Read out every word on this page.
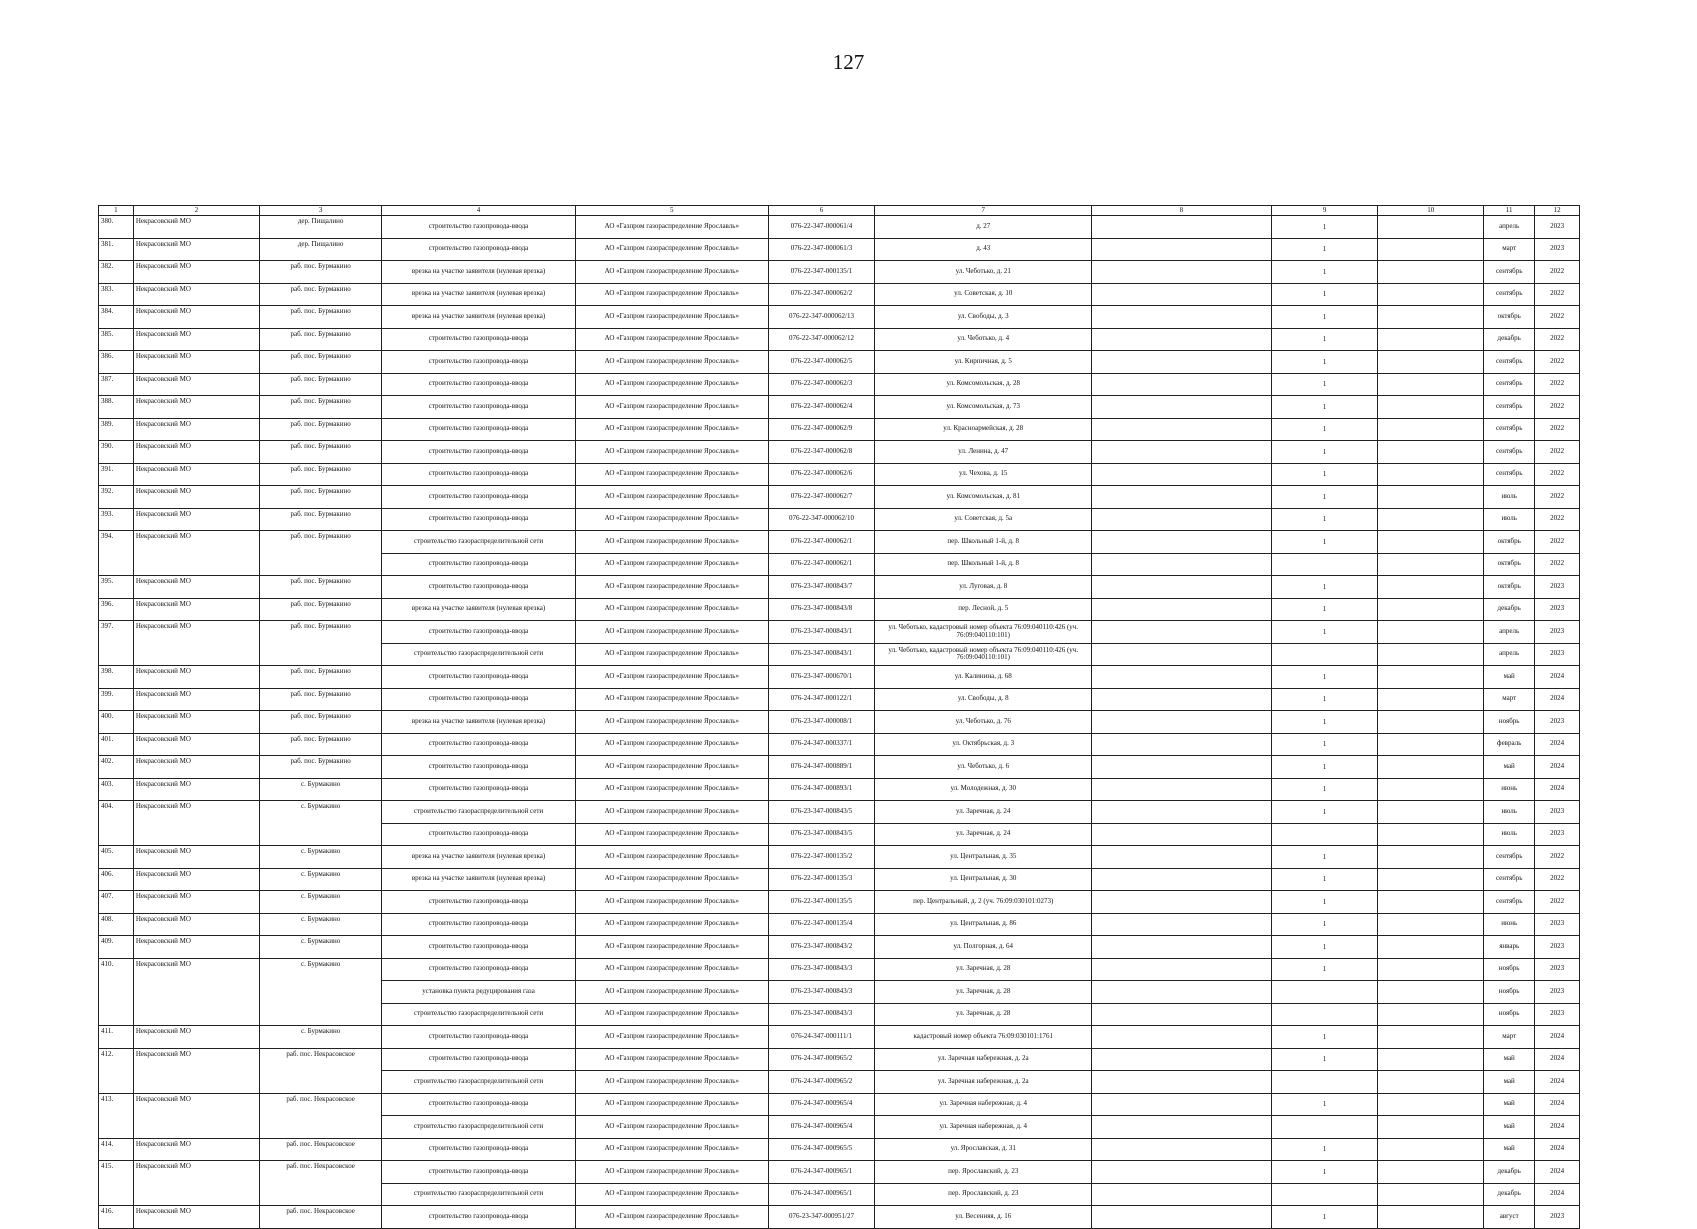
127
1	2	3	4	5	6	7	8	9	10	11	12
380.	Некрасовский МО	дер. Пищалино	строительство газопровода-ввода	АО «Газпром газораспределение Ярославль»	076-22-347-000061/4	д. 27		1		апрель	2023
381.	Некрасовский МО	дер. Пищалино	строительство газопровода-ввода	АО «Газпром газораспределение Ярославль»	076-22-347-000061/3	д. 43		1		март	2023
382.	Некрасовский МО	раб. пос. Бурмакино	врезка на участке заявителя (нулевая врезка)	АО «Газпром газораспределение Ярославль»	076-22-347-000135/1	ул. Чеботько, д. 21		1		сентябрь	2022
383.	Некрасовский МО	раб. пос. Бурмакино	врезка на участке заявителя (нулевая врезка)	АО «Газпром газораспределение Ярославль»	076-22-347-000062/2	ул. Советская, д. 10		1		сентябрь	2022
384.	Некрасовский МО	раб. пос. Бурмакино	врезка на участке заявителя (нулевая врезка)	АО «Газпром газораспределение Ярославль»	076-22-347-000062/13	ул. Свободы, д. 3		1		октябрь	2022
385.	Некрасовский МО	раб. пос. Бурмакино	строительство газопровода-ввода	АО «Газпром газораспределение Ярославль»	076-22-347-000062/12	ул. Чеботько, д. 4		1		декабрь	2022
386.	Некрасовский МО	раб. пос. Бурмакино	строительство газопровода-ввода	АО «Газпром газораспределение Ярославль»	076-22-347-000062/5	ул. Кирпичная, д. 5		1		сентябрь	2022
387.	Некрасовский МО	раб. пос. Бурмакино	строительство газопровода-ввода	АО «Газпром газораспределение Ярославль»	076-22-347-000062/3	ул. Комсомольская, д. 28		1		сентябрь	2022
388.	Некрасовский МО	раб. пос. Бурмакино	строительство газопровода-ввода	АО «Газпром газораспределение Ярославль»	076-22-347-000062/4	ул. Комсомольская, д. 73		1		сентябрь	2022
389.	Некрасовский МО	раб. пос. Бурмакино	строительство газопровода-ввода	АО «Газпром газораспределение Ярославль»	076-22-347-000062/9	ул. Красноармейская, д. 28		1		сентябрь	2022
390.	Некрасовский МО	раб. пос. Бурмакино	строительство газопровода-ввода	АО «Газпром газораспределение Ярославль»	076-22-347-000062/8	ул. Ленина, д. 47		1		сентябрь	2022
391.	Некрасовский МО	раб. пос. Бурмакино	строительство газопровода-ввода	АО «Газпром газораспределение Ярославль»	076-22-347-000062/6	ул. Чехова, д. 15		1		сентябрь	2022
392.	Некрасовский МО	раб. пос. Бурмакино	строительство газопровода-ввода	АО «Газпром газораспределение Ярославль»	076-22-347-000062/7	ул. Комсомольская, д. 81		1		июль	2022
393.	Некрасовский МО	раб. пос. Бурмакино	строительство газопровода-ввода	АО «Газпром газораспределение Ярославль»	076-22-347-000062/10	ул. Советская, д. 5а		1		июль	2022
394.	Некрасовский МО	раб. пос. Бурмакино	строительство газораспределительной сети	АО «Газпром газораспределение Ярославль»	076-22-347-000062/1	пер. Школьный 1-й, д. 8		1		октябрь	2022
			строительство газопровода-ввода	АО «Газпром газораспределение Ярославль»	076-22-347-000062/1	пер. Школьный 1-й, д. 8				октябрь	2022
395.	Некрасовский МО	раб. пос. Бурмакино	строительство газопровода-ввода	АО «Газпром газораспределение Ярославль»	076-23-347-000843/7	ул. Луговая, д. 8		1		октябрь	2023
396.	Некрасовский МО	раб. пос. Бурмакино	врезка на участке заявителя (нулевая врезка)	АО «Газпром газораспределение Ярославль»	076-23-347-000843/8	пер. Лесной, д. 5		1		декабрь	2023
397.	Некрасовский МО	раб. пос. Бурмакино	строительство газопровода-ввода	АО «Газпром газораспределение Ярославль»	076-23-347-000843/1	ул. Чеботько, кадастровый номер объекта 76:09:040110:426 (уч. 76:09:040110:101)		1		апрель	2023
			строительство газораспределительной сети	АО «Газпром газораспределение Ярославль»	076-23-347-000843/1	ул. Чеботько, кадастровый номер объекта 76:09:040110:426 (уч. 76:09:040110:101)				апрель	2023
398.	Некрасовский МО	раб. пос. Бурмакино	строительство газопровода-ввода	АО «Газпром газораспределение Ярославль»	076-23-347-000670/1	ул. Калинина, д. 68		1		май	2024
399.	Некрасовский МО	раб. пос. Бурмакино	строительство газопровода-ввода	АО «Газпром газораспределение Ярославль»	076-24-347-000122/1	ул. Свободы, д. 8		1		март	2024
400.	Некрасовский МО	раб. пос. Бурмакино	врезка на участке заявителя (нулевая врезка)	АО «Газпром газораспределение Ярославль»	076-23-347-000008/1	ул. Чеботько, д. 76		1		ноябрь	2023
401.	Некрасовский МО	раб. пос. Бурмакино	строительство газопровода-ввода	АО «Газпром газораспределение Ярославль»	076-24-347-000337/1	ул. Октябрьская, д. 3		1		февраль	2024
402.	Некрасовский МО	раб. пос. Бурмакино	строительство газопровода-ввода	АО «Газпром газораспределение Ярославль»	076-24-347-000889/1	ул. Чеботько, д. 6		1		май	2024
403.	Некрасовский МО	с. Бурмакино	строительство газопровода-ввода	АО «Газпром газораспределение Ярославль»	076-24-347-000893/1	ул. Молодежная, д. 30		1		июнь	2024
404.	Некрасовский МО	с. Бурмакино	строительство газораспределительной сети	АО «Газпром газораспределение Ярославль»	076-23-347-000843/5	ул. Заречная, д. 24		1		июль	2023
			строительство газопровода-ввода	АО «Газпром газораспределение Ярославль»	076-23-347-000843/5	ул. Заречная, д. 24				июль	2023
405.	Некрасовский МО	с. Бурмакино	врезка на участке заявителя (нулевая врезка)	АО «Газпром газораспределение Ярославль»	076-22-347-000135/2	ул. Центральная, д. 35		1		сентябрь	2022
406.	Некрасовский МО	с. Бурмакино	врезка на участке заявителя (нулевая врезка)	АО «Газпром газораспределение Ярославль»	076-22-347-000135/3	ул. Центральная, д. 30		1		сентябрь	2022
407.	Некрасовский МО	с. Бурмакино	строительство газопровода-ввода	АО «Газпром газораспределение Ярославль»	076-22-347-000135/5	пер. Центральный, д. 2 (уч. 76:09:030101:0273)		1		сентябрь	2022
408.	Некрасовский МО	с. Бурмакино	строительство газопровода-ввода	АО «Газпром газораспределение Ярославль»	076-22-347-000135/4	ул. Центральная, д. 86		1		июнь	2023
409.	Некрасовский МО	с. Бурмакино	строительство газопровода-ввода	АО «Газпром газораспределение Ярославль»	076-23-347-000843/2	ул. Полгорная, д. 64		1		январь	2023
410.	Некрасовский МО	с. Бурмакино	строительство газопровода-ввода	АО «Газпром газораспределение Ярославль»	076-23-347-000843/3	ул. Заречная, д. 28		1		ноябрь	2023
			установка пункта редуцирования газа	АО «Газпром газораспределение Ярославль»	076-23-347-000843/3	ул. Заречная, д. 28				ноябрь	2023
			строительство газораспределительной сети	АО «Газпром газораспределение Ярославль»	076-23-347-000843/3	ул. Заречная, д. 28				ноябрь	2023
411.	Некрасовский МО	с. Бурмакино	строительство газопровода-ввода	АО «Газпром газораспределение Ярославль»	076-24-347-000111/1	кадастровый номер объекта 76:09:030101:1761		1		март	2024
412.	Некрасовский МО	раб. пос. Некрасовское	строительство газопровода-ввода	АО «Газпром газораспределение Ярославль»	076-24-347-000965/2	ул. Заречная набережная, д. 2а		1		май	2024
			строительство газораспределительной сети	АО «Газпром газораспределение Ярославль»	076-24-347-000965/2	ул. Заречная набережная, д. 2а				май	2024
413.	Некрасовский МО	раб. пос. Некрасовское	строительство газопровода-ввода	АО «Газпром газораспределение Ярославль»	076-24-347-000965/4	ул. Заречная набережная, д. 4		1		май	2024
			строительство газораспределительной сети	АО «Газпром газораспределение Ярославль»	076-24-347-000965/4	ул. Заречная набережная, д. 4				май	2024
414.	Некрасовский МО	раб. пос. Некрасовское	строительство газопровода-ввода	АО «Газпром газораспределение Ярославль»	076-24-347-000965/5	ул. Ярославская, д. 31		1		май	2024
415.	Некрасовский МО	раб. пос. Некрасовское	строительство газопровода-ввода	АО «Газпром газораспределение Ярославль»	076-24-347-000965/1	пер. Ярославский, д. 23		1		декабрь	2024
			строительство газораспределительной сети	АО «Газпром газораспределение Ярославль»	076-24-347-000965/1	пер. Ярославский, д. 23				декабрь	2024
416.	Некрасовский МО	раб. пос. Некрасовское	строительство газопровода-ввода	АО «Газпром газораспределение Ярославль»	076-23-347-000951/27	ул. Весенняя, д. 16		1		август	2023
